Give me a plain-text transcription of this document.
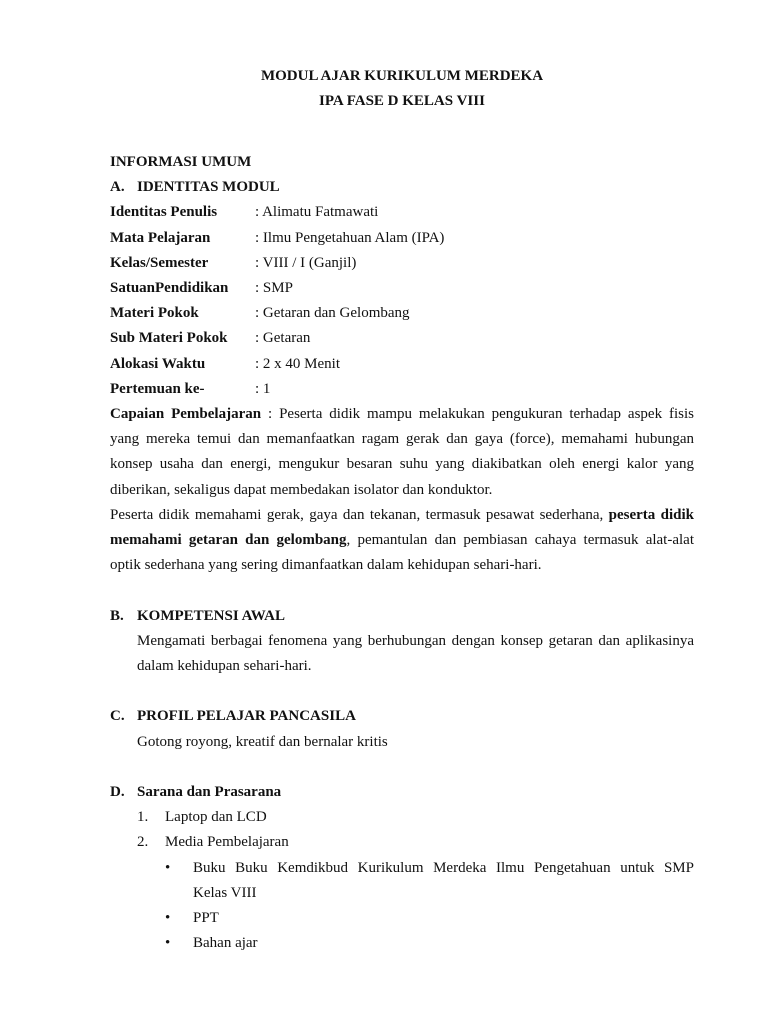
MODUL AJAR KURIKULUM MERDEKA
IPA FASE D KELAS VIII
INFORMASI UMUM
A. IDENTITAS MODUL
Identitas Penulis	: Alimatu Fatmawati
Mata Pelajaran	: Ilmu Pengetahuan Alam (IPA)
Kelas/Semester	: VIII / I (Ganjil)
SatuanPendidikan	: SMP
Materi Pokok	: Getaran dan Gelombang
Sub Materi Pokok	: Getaran
Alokasi Waktu	: 2 x 40 Menit
Pertemuan ke-	: 1
Capaian Pembelajaran : Peserta didik mampu melakukan pengukuran terhadap aspek fisis
yang mereka temui dan memanfaatkan ragam gerak dan gaya (force), memahami hubungan
konsep usaha dan energi, mengukur besaran suhu yang diakibatkan oleh energi kalor yang
diberikan, sekaligus dapat membedakan isolator dan konduktor.
Peserta didik memahami gerak, gaya dan tekanan, termasuk pesawat sederhana, peserta didik
memahami getaran dan gelombang, pemantulan dan pembiasan cahaya termasuk alat-alat
optik sederhana yang sering dimanfaatkan dalam kehidupan sehari-hari.
B. KOMPETENSI AWAL
Mengamati berbagai fenomena yang berhubungan dengan konsep getaran dan aplikasinya
dalam kehidupan sehari-hari.
C. PROFIL PELAJAR PANCASILA
Gotong royong, kreatif dan bernalar kritis
D. Sarana dan Prasarana
1.	Laptop dan LCD
2.	Media Pembelajaran
•	Buku Buku Kemdikbud Kurikulum Merdeka Ilmu Pengetahuan untuk SMP
Kelas VIII
•	PPT
•	Bahan ajar
